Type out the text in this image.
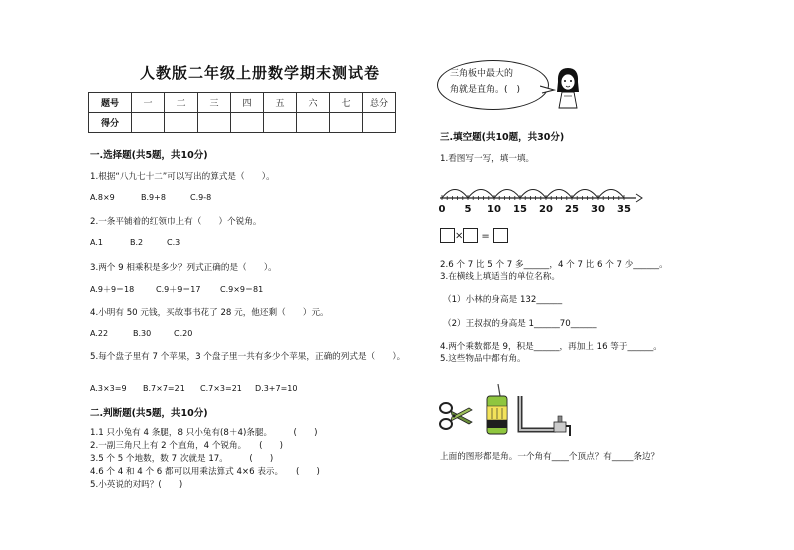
人教版二年级上册数学期末测试卷
题号	一	二	三	四	五	六	七	总分
得分								
一.选择题(共5题，共10分)
1.根据“八九七十二”可以写出的算式是（　　）。
A.8×9	B.9+8	C.9-8
2.一条平铺着的红领巾上有（　　）个锐角。
A.1	B.2	C.3
3.两个 9 相乘积是多少？列式正确的是（　　）。
A.9＋9＝18	C.9＋9＝17 C.9×9＝81
4.小明有 50 元钱，买故事书花了 28 元，他还剩（　　）元。
A.22	B.30	C.20
5.每个盘子里有 7 个苹果，3 个盘子里一共有多少个苹果，正确的列式是（　　）。
A.3×3=9 B.7×7=21 C.7×3=21 D.3+7=10
二.判断题(共5题，共10分)
1.1 只小兔有 4 条腿，8 只小兔有(8＋4)条腿。　　　(　　)
2.一副三角尺上有 2 个直角，4 个锐角。　　(　　)
3.5 个 5 个地数，数 7 次就是 17。　　　(　　)
4.6 个 4 和 4 个 6 都可以用乘法算式 4×6 表示。　　(　　)
5.小英说的对吗？(　　)
三角板中最大的
角就是直角。(　)
三.填空题(共10题，共30分)
1.看图写一写，填一填。
0 5 10 15 20 25 30 35
× =
2.6 个 7 比 5 个 7 多______，4 个 7 比 6 个 7 少______。
3.在横线上填适当的单位名称。
（1）小林的身高是 132______
（2）王叔叔的身高是 1______70______
4.两个乘数都是 9，积是______，再加上 16 等于______。
5.这些物品中都有角。
上面的图形都是角。一个角有____个顶点？有_____条边？
